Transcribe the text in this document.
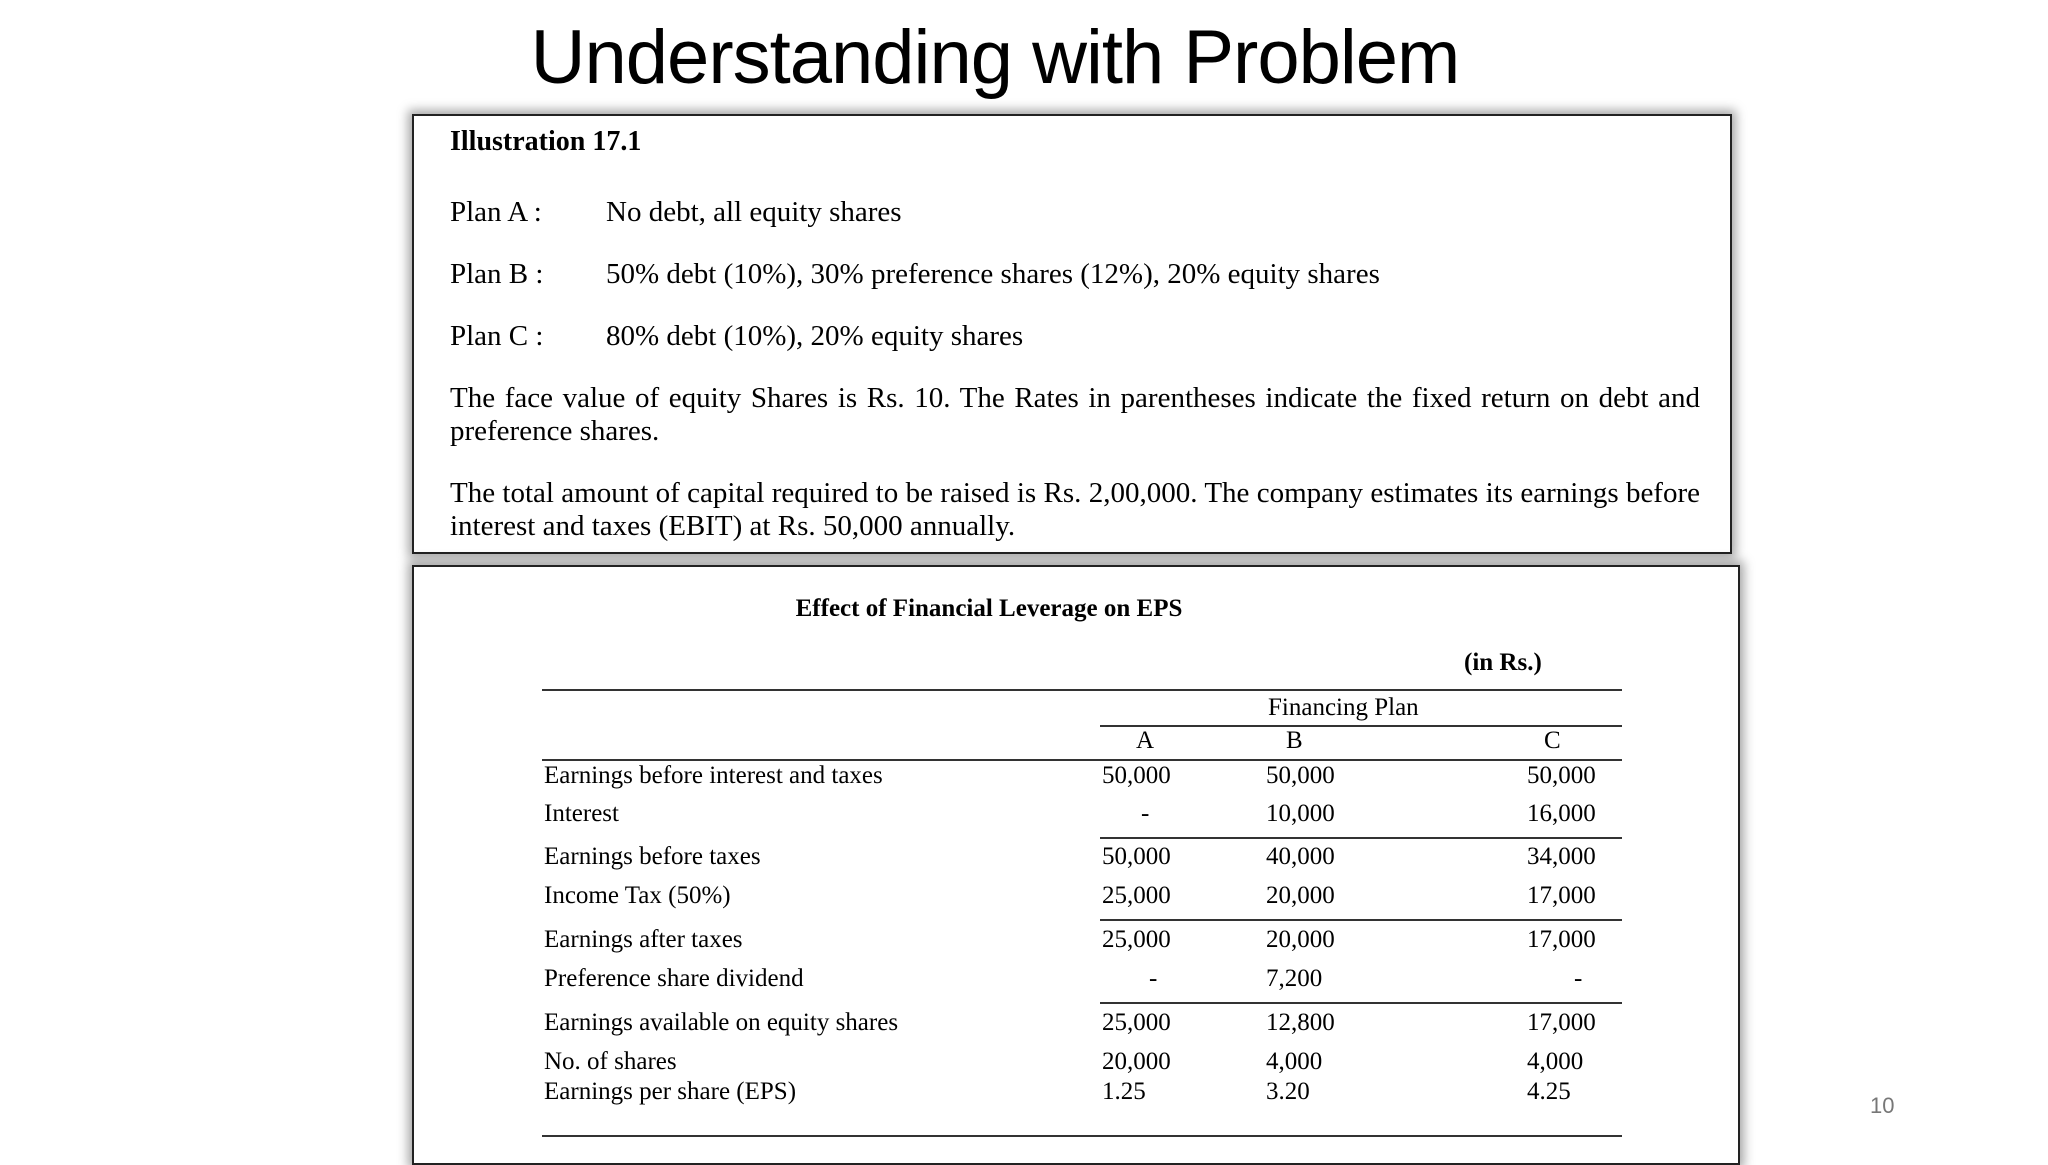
Understanding with Problem
Illustration 17.1
Plan A : No debt, all equity shares
Plan B : 50% debt (10%), 30% preference shares (12%), 20% equity shares
Plan C : 80% debt (10%), 20% equity shares
The face value of equity Shares is Rs. 10. The Rates in parentheses indicate the fixed return on debt and preference shares.
The total amount of capital required to be raised is Rs. 2,00,000. The company estimates its earnings before interest and taxes (EBIT) at Rs. 50,000 annually.
Effect of Financial Leverage on EPS
(in Rs.)
Financing Plan
A	B	C
Earnings before interest and taxes	50,000	50,000	50,000
Interest	-	10,000	16,000
Earnings before taxes	50,000	40,000	34,000
Income Tax (50%)	25,000	20,000	17,000
Earnings after taxes	25,000	20,000	17,000
Preference share dividend	-	7,200	-
Earnings available on equity shares	25,000	12,800	17,000
No. of shares	20,000	4,000	4,000
Earnings per share (EPS)	1.25	3.20	4.25
10
